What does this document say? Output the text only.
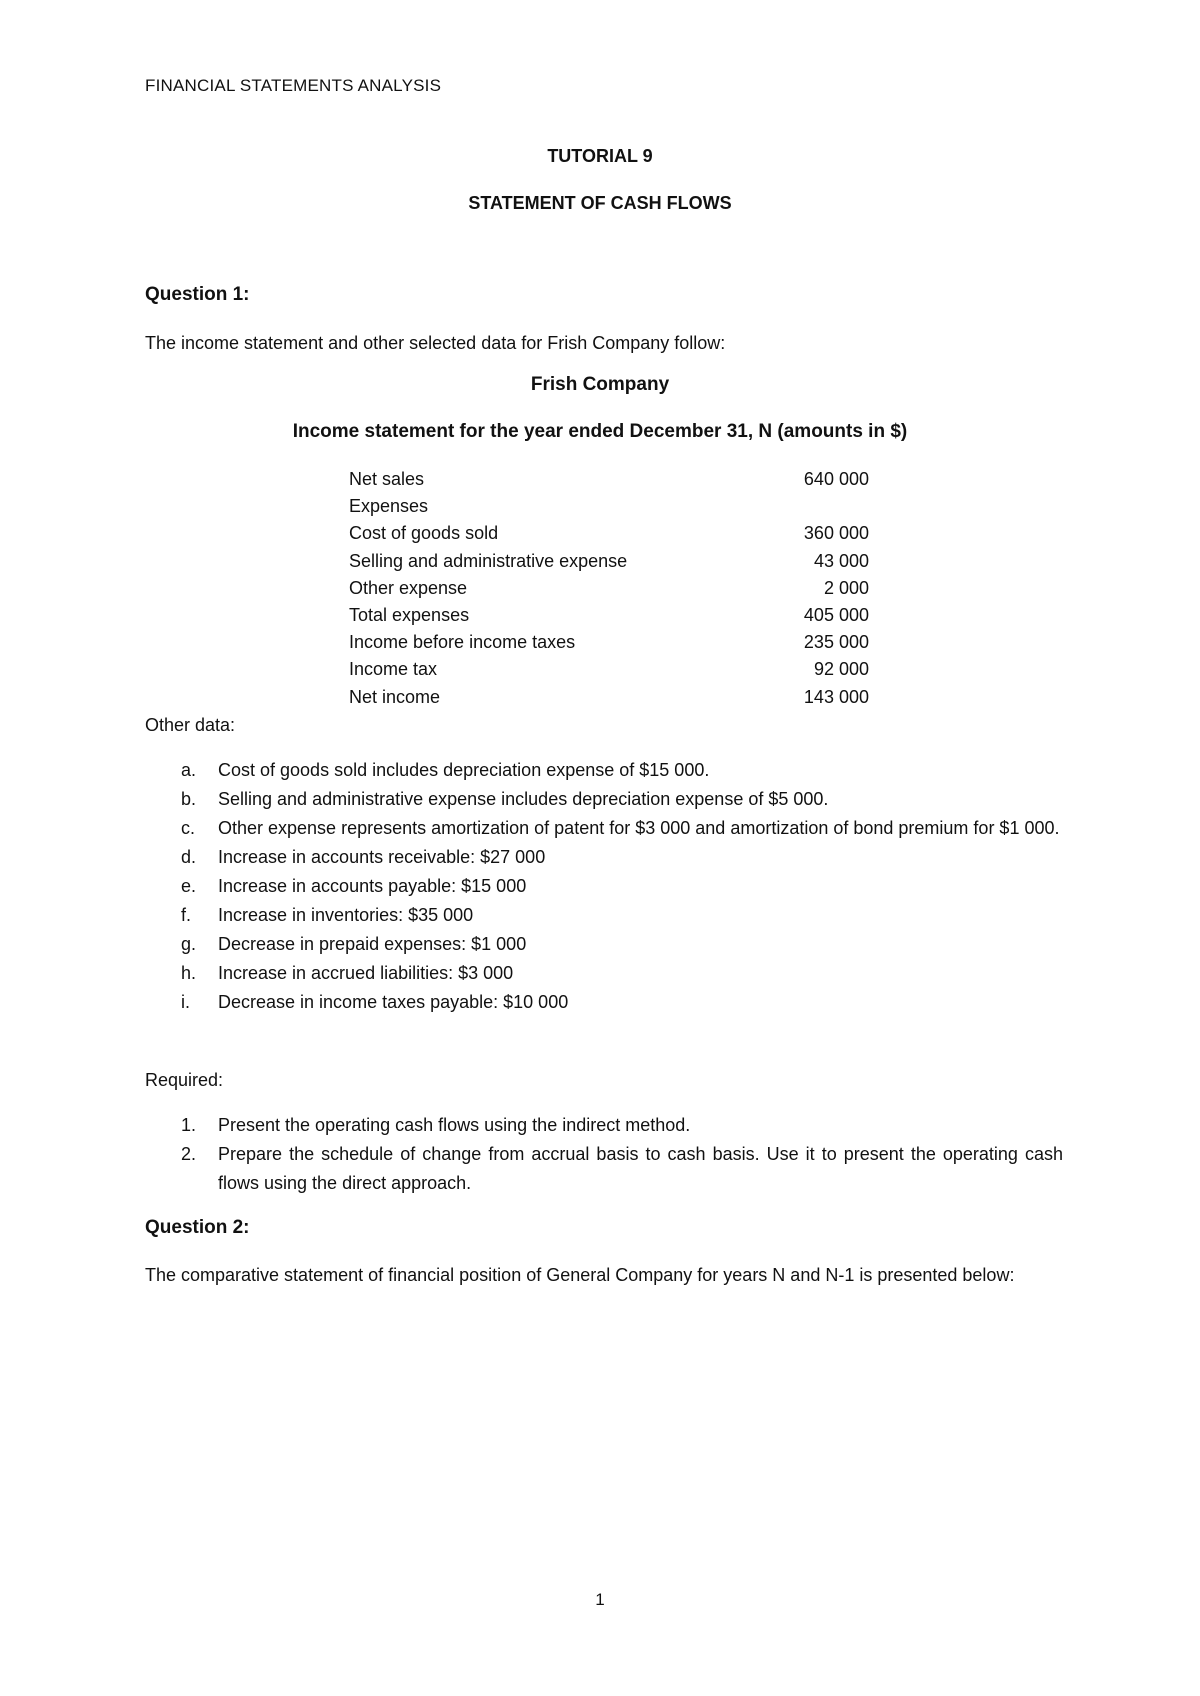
FINANCIAL STATEMENTS ANALYSIS
TUTORIAL 9
STATEMENT OF CASH FLOWS
Question 1:
The income statement and other selected data for Frish Company follow:
Frish Company
Income statement for the year ended December 31, N (amounts in $)
Net sales	640 000
Expenses
Cost of goods sold	360 000
Selling and administrative expense	43 000
Other expense	2 000
Total expenses	405 000
Income before income taxes	235 000
Income tax	92 000
Net income	143 000
Other data:
a.	Cost of goods sold includes depreciation expense of $15 000.
b.	Selling and administrative expense includes depreciation expense of $5 000.
c.	Other expense represents amortization of patent for $3 000 and amortization of bond premium for $1 000.
d.	Increase in accounts receivable: $27 000
e.	Increase in accounts payable: $15 000
f.	Increase in inventories: $35 000
g.	Decrease in prepaid expenses: $1 000
h.	Increase in accrued liabilities: $3 000
i.	Decrease in income taxes payable: $10 000
Required:
1.	Present the operating cash flows using the indirect method.
2.	Prepare the schedule of change from accrual basis to cash basis. Use it to present the operating cash flows using the direct approach.
Question 2:
The comparative statement of financial position of General Company for years N and N-1 is presented below:
1
